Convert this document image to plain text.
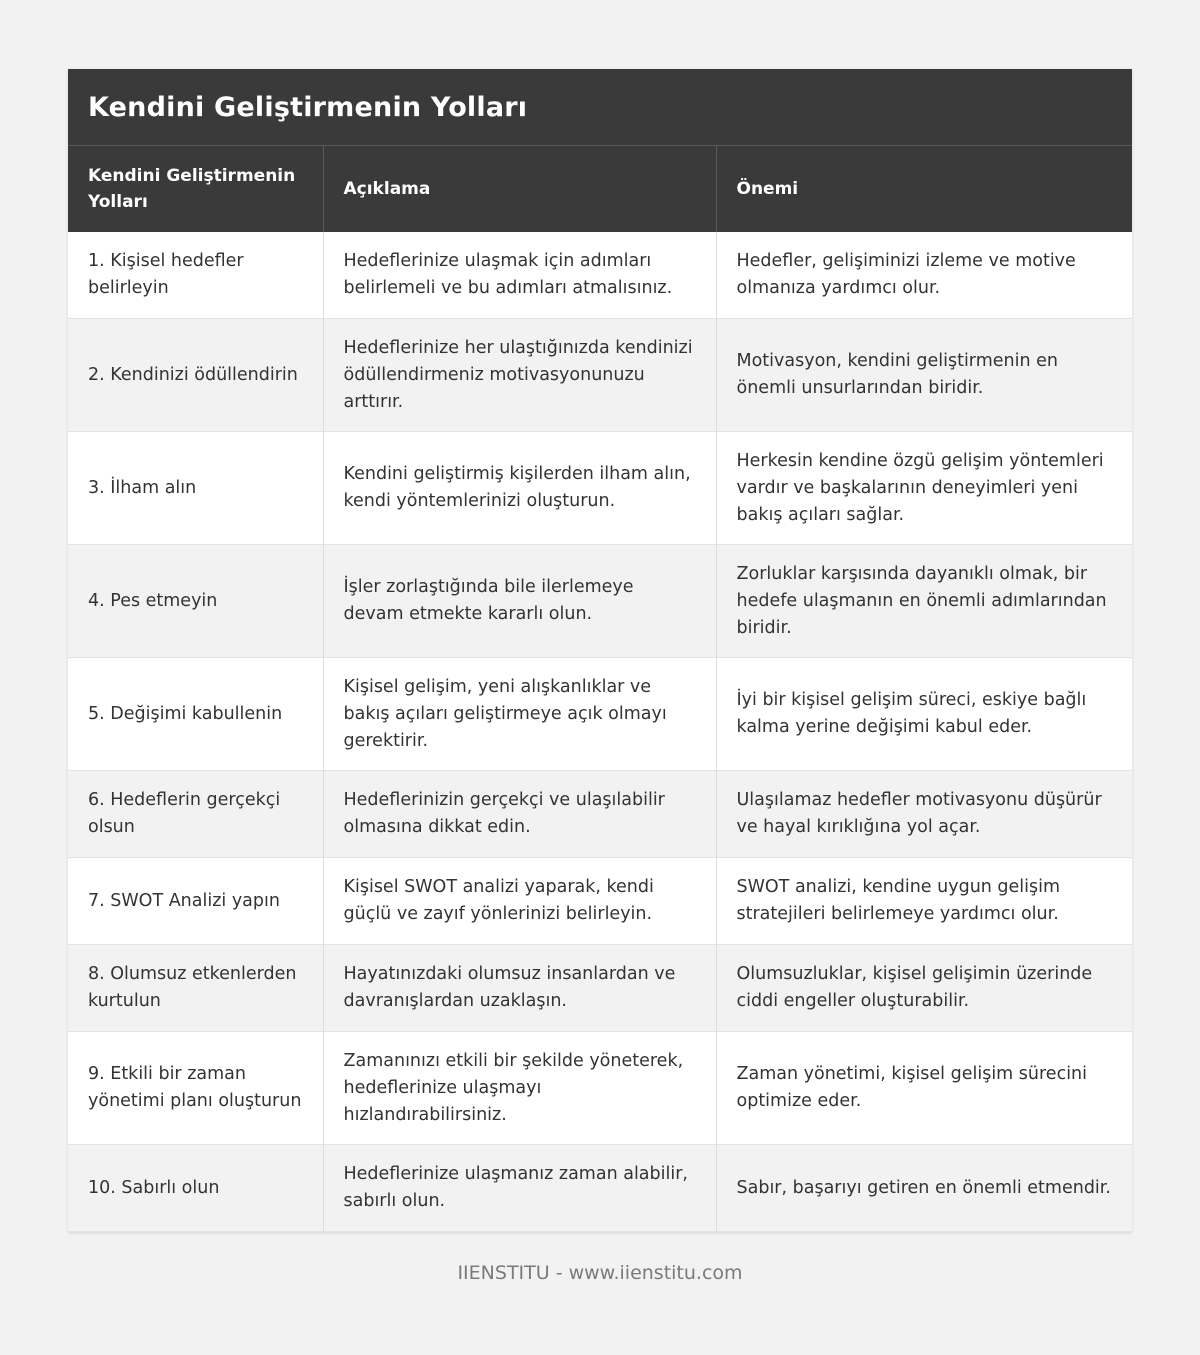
Kendini Geliştirmenin Yolları
Kendini Geliştirmenin Yolları	Açıklama	Önemi
1. Kişisel hedefler belirleyin	Hedeflerinize ulaşmak için adımları belirlemeli ve bu adımları atmalısınız.	Hedefler, gelişiminizi izleme ve motive olmanıza yardımcı olur.
2. Kendinizi ödüllendirin	Hedeflerinize her ulaştığınızda kendinizi ödüllendirmeniz motivasyonunuzu arttırır.	Motivasyon, kendini geliştirmenin en önemli unsurlarından biridir.
3. İlham alın	Kendini geliştirmiş kişilerden ilham alın, kendi yöntemlerinizi oluşturun.	Herkesin kendine özgü gelişim yöntemleri vardır ve başkalarının deneyimleri yeni bakış açıları sağlar.
4. Pes etmeyin	İşler zorlaştığında bile ilerlemeye devam etmekte kararlı olun.	Zorluklar karşısında dayanıklı olmak, bir hedefe ulaşmanın en önemli adımlarından biridir.
5. Değişimi kabullenin	Kişisel gelişim, yeni alışkanlıklar ve bakış açıları geliştirmeye açık olmayı gerektirir.	İyi bir kişisel gelişim süreci, eskiye bağlı kalma yerine değişimi kabul eder.
6. Hedeflerin gerçekçi olsun	Hedeflerinizin gerçekçi ve ulaşılabilir olmasına dikkat edin.	Ulaşılamaz hedefler motivasyonu düşürür ve hayal kırıklığına yol açar.
7. SWOT Analizi yapın	Kişisel SWOT analizi yaparak, kendi güçlü ve zayıf yönlerinizi belirleyin.	SWOT analizi, kendine uygun gelişim stratejileri belirlemeye yardımcı olur.
8. Olumsuz etkenlerden kurtulun	Hayatınızdaki olumsuz insanlardan ve davranışlardan uzaklaşın.	Olumsuzluklar, kişisel gelişimin üzerinde ciddi engeller oluşturabilir.
9. Etkili bir zaman yönetimi planı oluşturun	Zamanınızı etkili bir şekilde yöneterek, hedeflerinize ulaşmayı hızlandırabilirsiniz.	Zaman yönetimi, kişisel gelişim sürecini optimize eder.
10. Sabırlı olun	Hedeflerinize ulaşmanız zaman alabilir, sabırlı olun.	Sabır, başarıyı getiren en önemli etmendir.
IIENSTITU - www.iienstitu.com
